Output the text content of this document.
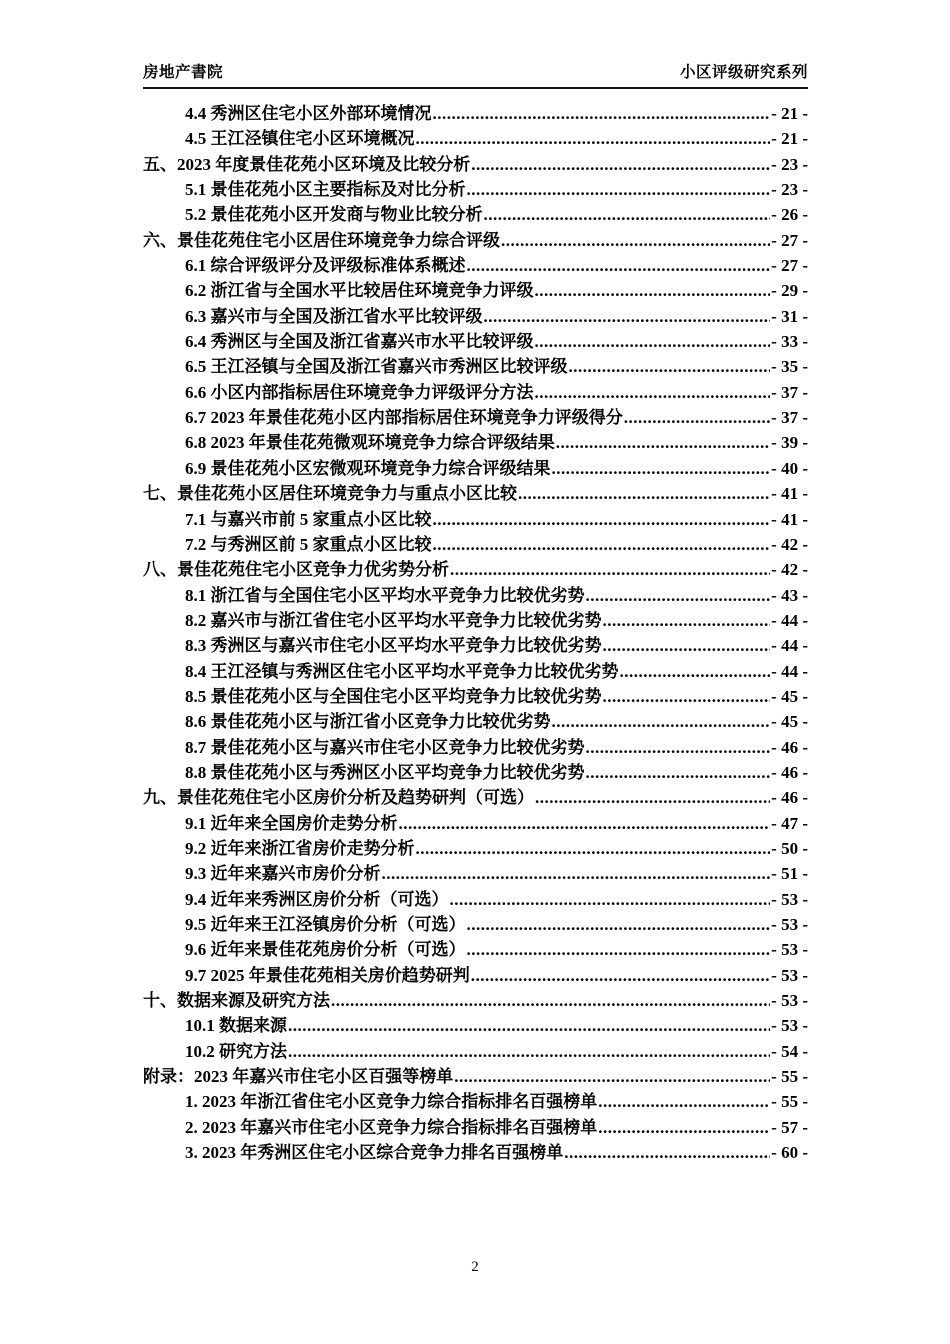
房地产書院	小区评级研究系列
4.4 秀洲区住宅小区外部环境情况 .....	- 21 -
4.5 王江泾镇住宅小区环境概况 .....	- 21 -
五、2023 年度景佳花苑小区环境及比较分析 .....	- 23 -
5.1 景佳花苑小区主要指标及对比分析 .....	- 23 -
5.2 景佳花苑小区开发商与物业比较分析 .....	- 26 -
六、景佳花苑住宅小区居住环境竞争力综合评级 .....	- 27 -
6.1 综合评级评分及评级标准体系概述 .....	- 27 -
6.2 浙江省与全国水平比较居住环境竞争力评级 .....	- 29 -
6.3 嘉兴市与全国及浙江省水平比较评级 .....	- 31 -
6.4 秀洲区与全国及浙江省嘉兴市水平比较评级 .....	- 33 -
6.5 王江泾镇与全国及浙江省嘉兴市秀洲区比较评级 .....	- 35 -
6.6 小区内部指标居住环境竞争力评级评分方法 .....	- 37 -
6.7 2023 年景佳花苑小区内部指标居住环境竞争力评级得分 .....	- 37 -
6.8 2023 年景佳花苑微观环境竞争力综合评级结果 .....	- 39 -
6.9 景佳花苑小区宏微观环境竞争力综合评级结果 .....	- 40 -
七、景佳花苑小区居住环境竞争力与重点小区比较 .....	- 41 -
7.1 与嘉兴市前 5 家重点小区比较 .....	- 41 -
7.2 与秀洲区前 5 家重点小区比较 .....	- 42 -
八、景佳花苑住宅小区竞争力优劣势分析 .....	- 42 -
8.1 浙江省与全国住宅小区平均水平竞争力比较优劣势 .....	- 43 -
8.2 嘉兴市与浙江省住宅小区平均水平竞争力比较优劣势 .....	- 44 -
8.3 秀洲区与嘉兴市住宅小区平均水平竞争力比较优劣势 .....	- 44 -
8.4 王江泾镇与秀洲区住宅小区平均水平竞争力比较优劣势 .....	- 44 -
8.5 景佳花苑小区与全国住宅小区平均竞争力比较优劣势 .....	- 45 -
8.6 景佳花苑小区与浙江省小区竞争力比较优劣势 .....	- 45 -
8.7 景佳花苑小区与嘉兴市住宅小区竞争力比较优劣势 .....	- 46 -
8.8 景佳花苑小区与秀洲区小区平均竞争力比较优劣势 .....	- 46 -
九、景佳花苑住宅小区房价分析及趋势研判（可选） .....	- 46 -
9.1 近年来全国房价走势分析 .....	- 47 -
9.2 近年来浙江省房价走势分析 .....	- 50 -
9.3 近年来嘉兴市房价分析 .....	- 51 -
9.4 近年来秀洲区房价分析（可选） .....	- 53 -
9.5 近年来王江泾镇房价分析（可选） .....	- 53 -
9.6 近年来景佳花苑房价分析（可选） .....	- 53 -
9.7 2025 年景佳花苑相关房价趋势研判 .....	- 53 -
十、数据来源及研究方法 .....	- 53 -
10.1 数据来源 .....	- 53 -
10.2 研究方法 .....	- 54 -
附录：2023 年嘉兴市住宅小区百强等榜单 .....	- 55 -
1. 2023 年浙江省住宅小区竞争力综合指标排名百强榜单 .....	- 55 -
2. 2023 年嘉兴市住宅小区竞争力综合指标排名百强榜单 .....	- 57 -
3. 2023 年秀洲区住宅小区综合竞争力排名百强榜单 .....	- 60 -
2
